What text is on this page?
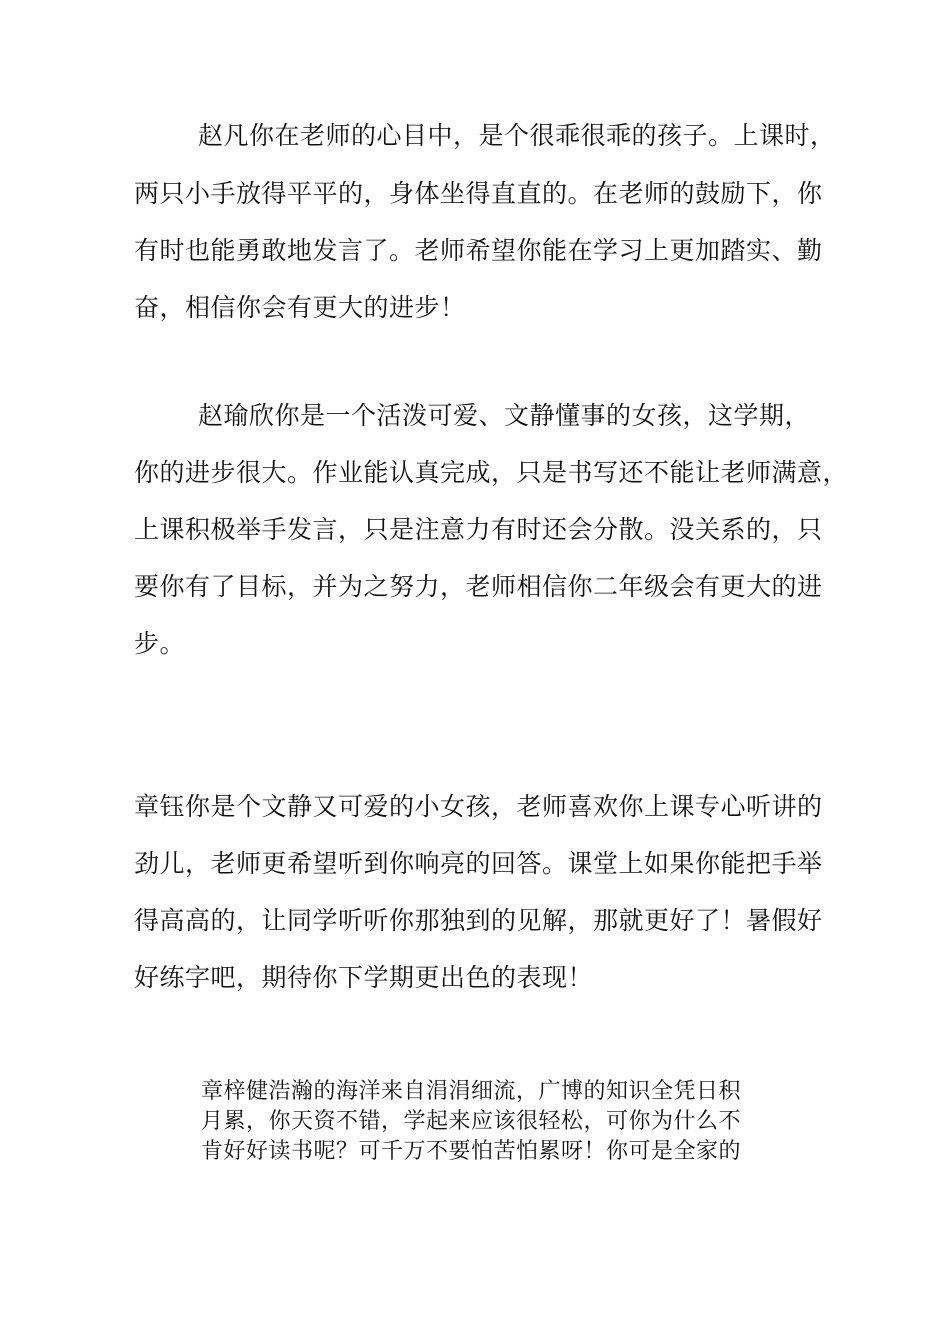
赵凡你在老师的心目中，是个很乖很乖的孩子。上课时，
两只小手放得平平的，身体坐得直直的。在老师的鼓励下，你
有时也能勇敢地发言了。老师希望你能在学习上更加踏实、勤
奋，相信你会有更大的进步！
赵瑜欣你是一个活泼可爱、文静懂事的女孩，这学期，
你的进步很大。作业能认真完成，只是书写还不能让老师满意，
上课积极举手发言，只是注意力有时还会分散。没关系的，只
要你有了目标，并为之努力，老师相信你二年级会有更大的进
步。
章钰你是个文静又可爱的小女孩，老师喜欢你上课专心听讲的
劲儿，老师更希望听到你响亮的回答。课堂上如果你能把手举
得高高的，让同学听听你那独到的见解，那就更好了！暑假好
好练字吧，期待你下学期更出色的表现！
章梓健浩瀚的海洋来自涓涓细流，广博的知识全凭日积
月累，你天资不错，学起来应该很轻松，可你为什么不
肯好好读书呢？可千万不要怕苦怕累呀！你可是全家的
